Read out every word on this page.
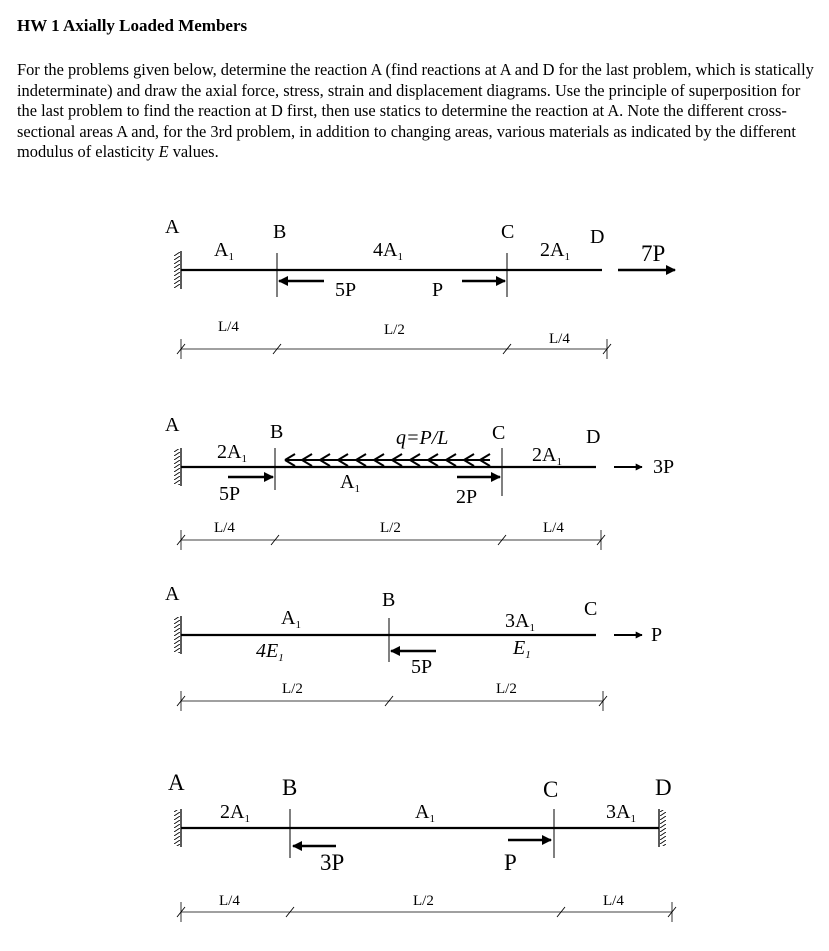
HW 1 Axially Loaded Members

For the problems given below, determine the reaction A (find reactions at A and D for the last problem, which is statically indeterminate) and draw the axial force, stress, strain and displacement diagrams. Use the principle of superposition for the last problem to find the reaction at D first, then use statics to determine the reaction at A. Note the different cross-sectional areas A and, for the 3rd problem, in addition to changing areas, various materials as indicated by the different modulus of elasticity E values.

A	B	C	D
$A_1$	$4A_1$	$2A_1$
5P	P
7P
L/4	L/2
L/4
A	B	C	D
$2A_1$
$A_1$
$2A_1$
q=P/L
5P	2P
3P
L/4	L/2	L/4
A	B	C
$A_1$	$3A_1$
$4E_1$	$E_1$
5P
P
L/2	L/2
A	B	C	D
$2A_1$	$A_1$	$3A_1$
3P	P
L/4	L/2	L/4
